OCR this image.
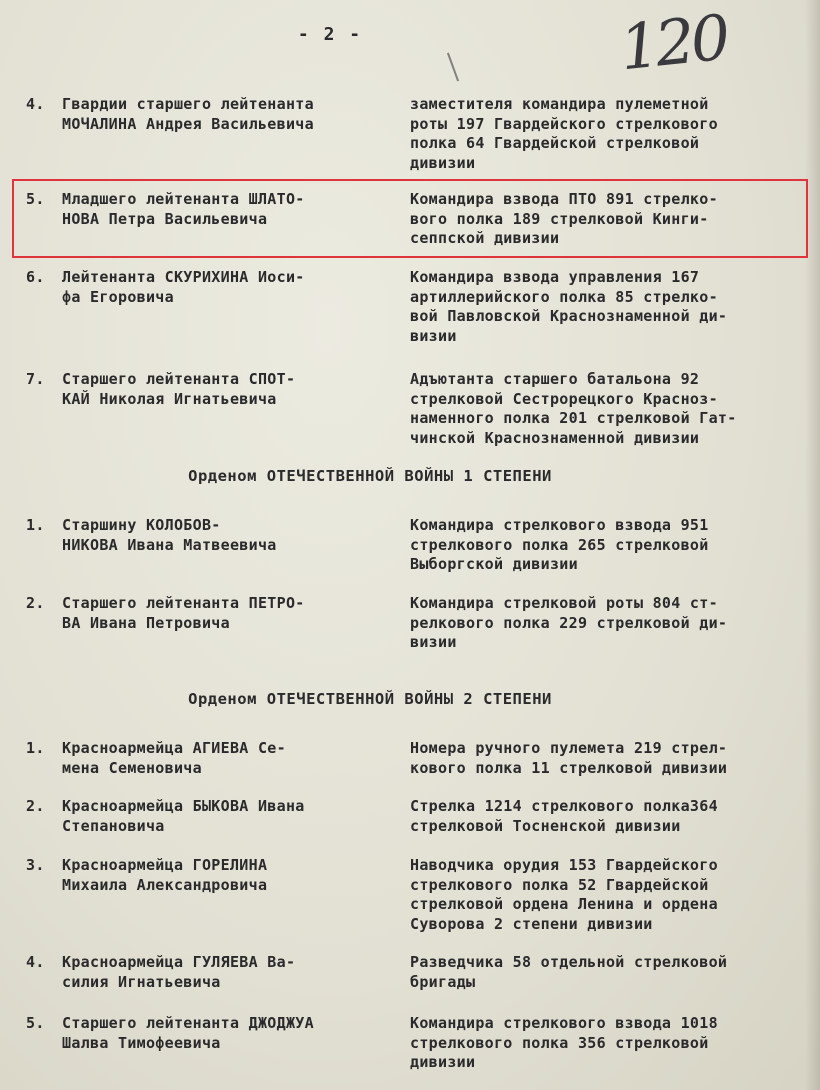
- 2 -	120
4. Гвардии старшего лейтенанта
МОЧАЛИНА Андрея Васильевича
заместителя командира пулеметной
роты 197 Гвардейского стрелкового
полка 64 Гвардейской стрелковой
дивизии
5. Младшего лейтенанта ШЛАТО-
НОВА Петра Васильевича
Командира взвода ПТО 891 стрелко-
вого полка 189 стрелковой Кинги-
сеппской дивизии
6. Лейтенанта СКУРИХИНА Иоси-
фа Егоровича
Командира взвода управления 167
артиллерийского полка 85 стрелко-
вой Павловской Краснознаменной ди-
визии
7. Старшего лейтенанта СПОТ-
КАЙ Николая Игнатьевича
Адъютанта старшего батальона 92
стрелковой Сестрорецкого Краснoз-
наменного полка 201 стрелковой Гат-
чинской Краснознаменной дивизии
Орденом ОТЕЧЕСТВЕННОЙ ВОЙНЫ 1 СТЕПЕНИ
1. Старшину КОЛОБОВ-
НИКОВА Ивана Матвеевича
Командира стрелкового взвода 951
стрелкового полка 265 стрелковой
Выборгской дивизии
2. Старшего лейтенанта ПЕТРО-
ВА Ивана Петровича
Командира стрелковой роты 804 ст-
релкового полка 229 стрелковой ди-
визии
Орденом ОТЕЧЕСТВЕННОЙ ВОЙНЫ 2 СТЕПЕНИ
1. Красноармейца АГИЕВА Се-
мена Семеновича
Номера ручного пулемета 219 стрел-
кового полка 11 стрелковой дивизии
2. Красноармейца БЫКОВА Ивана
Степановича
Стрелка 1214 стрелкового полка364
стрелковой Тосненской дивизии
3. Красноармейца ГОРЕЛИНА
Михаила Александровича
Наводчика орудия 153 Гвардейского
стрелкового полка 52 Гвардейской
стрелковой ордена Ленина и ордена
Суворова 2 степени дивизии
4. Красноармейца ГУЛЯЕВА Ва-
силия Игнатьевича
Разведчика 58 отдельной стрелковой
бригады
5. Старшего лейтенанта ДЖОДЖУА
Шалва Тимофеевича
Командира стрелкового взвода 1018
стрелкового полка 356 стрелковой
дивизии
